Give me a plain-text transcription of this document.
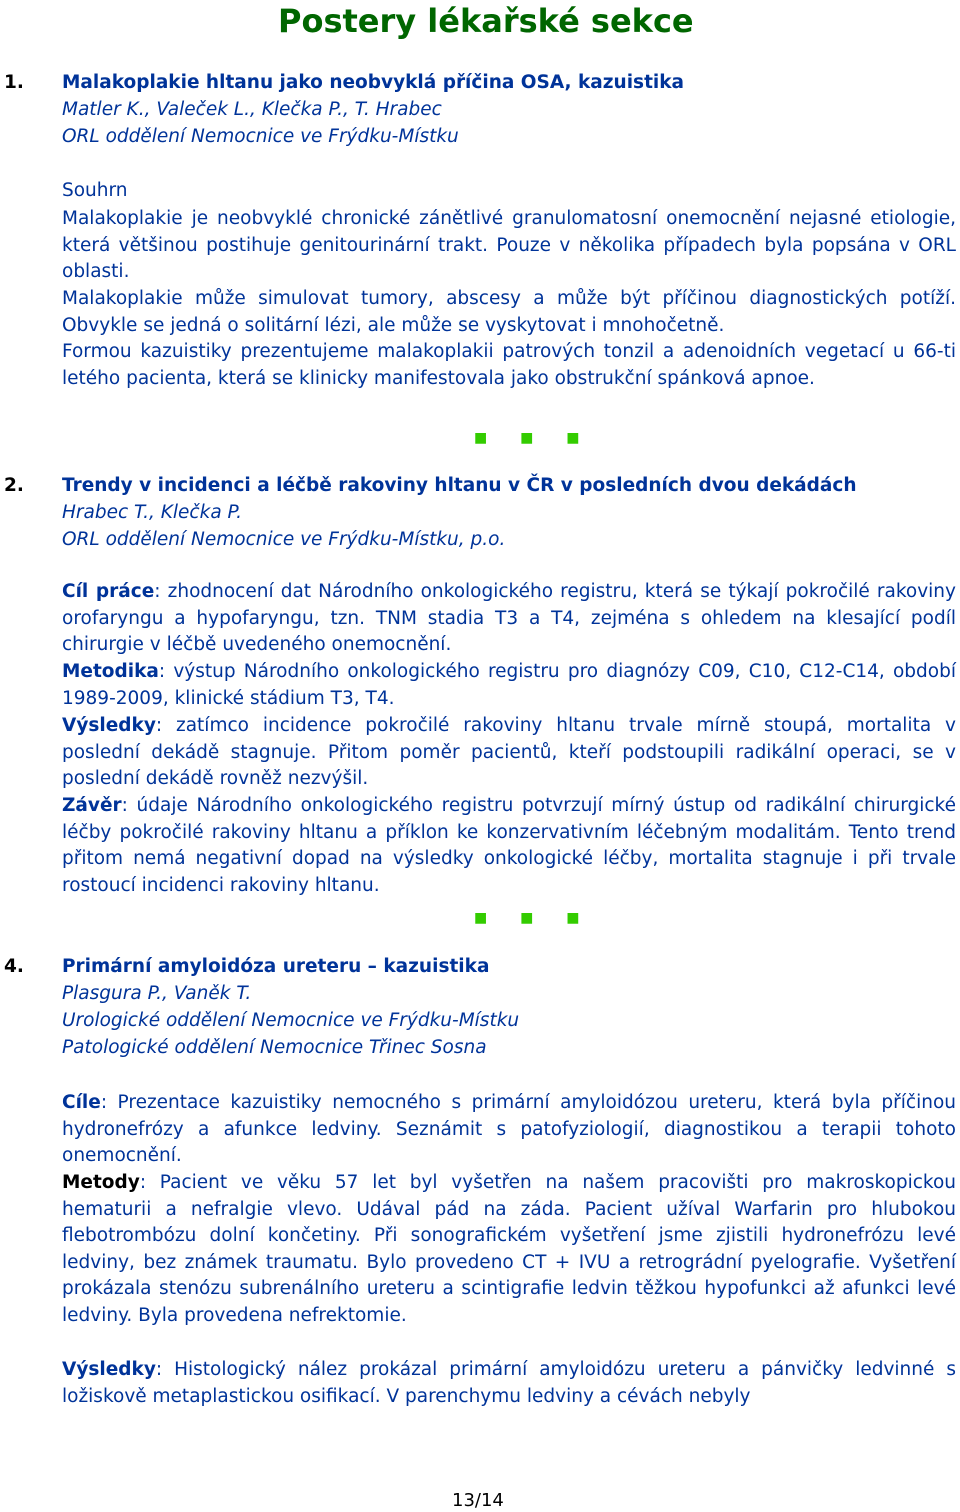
Postery lékařské sekce
1. Malakoplakie hltanu jako neobvyklá příčina OSA, kazuistika
Matler K., Valeček L., Klečka P., T. Hrabec
ORL oddělení Nemocnice ve Frýdku-Místku
Souhrn

Malakoplakie je neobvyklé chronické zánětlivé granulomatosní onemocnění nejasné etiologie, která většinou postihuje genitourinární trakt. Pouze v několika případech byla popsána v ORL oblasti.

Malakoplakie může simulovat tumory, abscesy a může být příčinou diagnostických potíží. Obvykle se jedná o solitární lézi, ale může se vyskytovat i mnohočetně.

Formou kazuistiky prezentujeme malakoplakii patrových tonzil a adenoidních vegetací u 66-ti letého pacienta, která se klinicky manifestovala jako obstrukční spánková apnoe.

■ ■ ■
2. Trendy v incidenci a léčbě rakoviny hltanu v ČR v posledních dvou dekádách
Hrabec T., Klečka P.
ORL oddělení Nemocnice ve Frýdku-Místku, p.o.

Cíl práce: zhodnocení dat Národního onkologického registru, která se týkají pokročilé rakoviny orofaryngu a hypofaryngu, tzn. TNM stadia T3 a T4, zejména s ohledem na klesající podíl chirurgie v léčbě uvedeného onemocnění.

Metodika: výstup Národního onkologického registru pro diagnózy C09, C10, C12-C14, období 1989-2009, klinické stádium T3, T4.

Výsledky: zatímco incidence pokročilé rakoviny hltanu trvale mírně stoupá, mortalita v poslední dekádě stagnuje. Přitom poměr pacientů, kteří podstoupili radikální operaci, se v poslední dekádě rovněž nezvýšil.

Závěr: údaje Národního onkologického registru potvrzují mírný ústup od radikální chirurgické léčby pokročilé rakoviny hltanu a příklon ke konzervativním léčebným modalitám. Tento trend přitom nemá negativní dopad na výsledky onkologické léčby, mortalita stagnuje i při trvale rostoucí incidenci rakoviny hltanu.

■ ■ ■
4. Primární amyloidóza ureteru – kazuistika
Plasgura P., Vaněk T.
Urologické oddělení Nemocnice ve Frýdku-Místku
Patologické oddělení Nemocnice Třinec Sosna

Cíle: Prezentace kazuistiky nemocného s primární amyloidózou ureteru, která byla příčinou hydronefrózy a afunkce ledviny. Seznámit s patofyziologií, diagnostikou a terapii tohoto onemocnění.

Metody: Pacient ve věku 57 let byl vyšetřen na našem pracovišti pro makroskopickou hematurii a nefralgie vlevo. Udával pád na záda. Pacient užíval Warfarin pro hlubokou flebotrombózu dolní končetiny. Při sonografickém vyšetření jsme zjistili hydronefrózu levé ledviny, bez známek traumatu. Bylo provedeno CT + IVU a retrográdní pyelografie. Vyšetření prokázala stenózu subrenálního ureteru a scintigrafie ledvin těžkou hypofunkci až afunkci levé ledviny. Byla provedena nefrektomie.

Výsledky: Histologický nález prokázal primární amyloidózu ureteru a pánvičky ledvinné s ložiskově metaplastickou osifikací. V parenchymu ledviny a cévách nebyly

13/14
